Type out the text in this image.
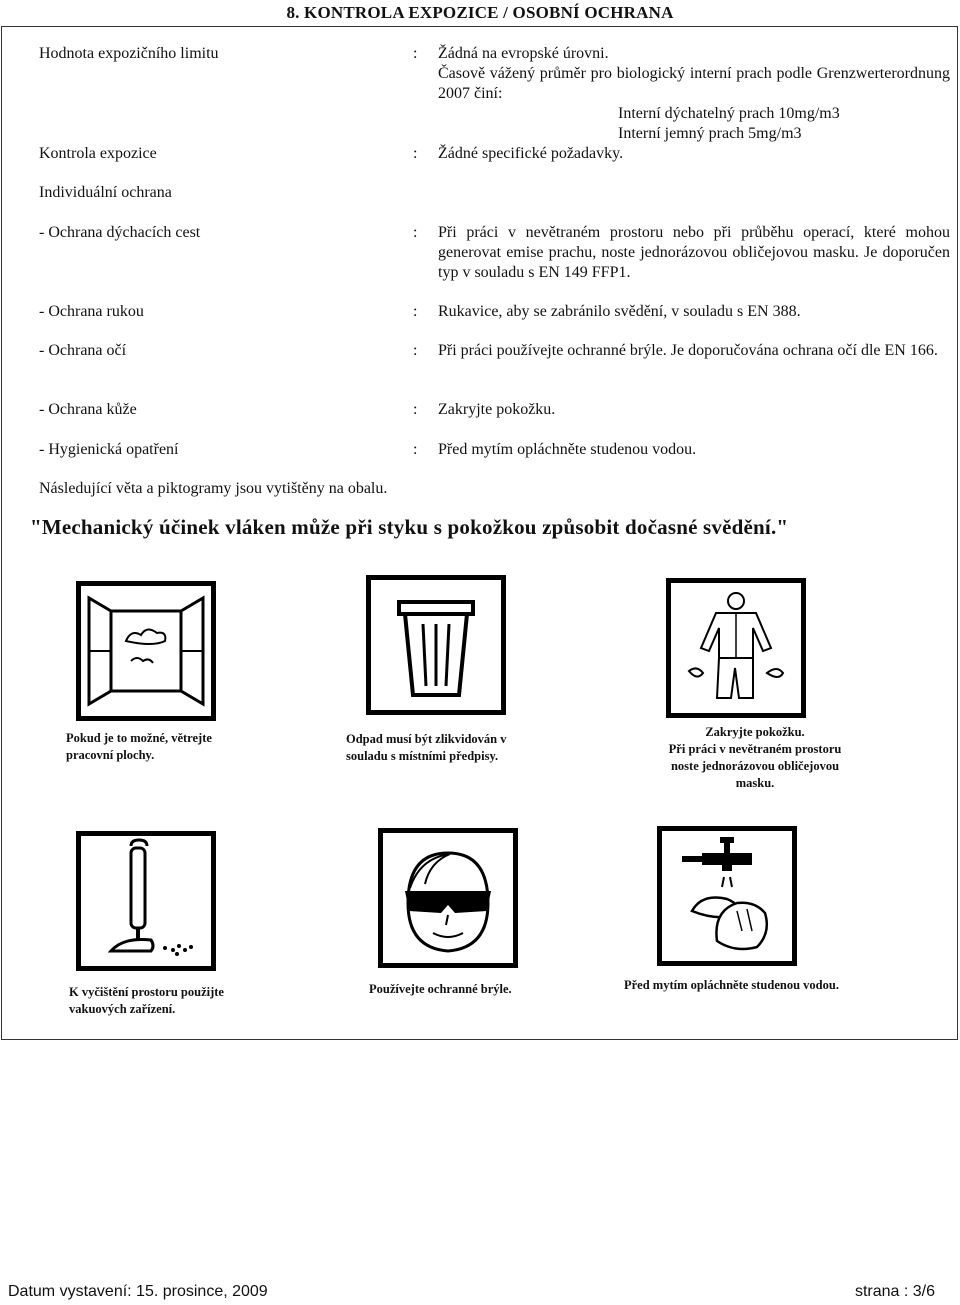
8. KONTROLA EXPOZICE / OSOBNÍ OCHRANA
Hodnota expozičního limitu	: Žádná na evropské úrovni.
Časově vážený průměr pro biologický interní prach podle Grenzwerterordnung 2007 činí:
Interní dýchatelný prach 10mg/m3
Interní jemný prach 5mg/m3
Kontrola expozice	: Žádné specifické požadavky.
Individuální ochrana
- Ochrana dýchacích cest	: Při práci v nevětraném prostoru nebo při průběhu operací, které mohou generovat emise prachu, noste jednorázovou obličejovou masku. Je doporučen typ v souladu s EN 149 FFP1.
- Ochrana rukou	: Rukavice, aby se zabránilo svědění, v souladu s EN 388.
- Ochrana očí	: Při práci používejte ochranné brýle. Je doporučována ochrana očí dle EN 166.
- Ochrana kůže	: Zakryjte pokožku.
- Hygienická opatření	: Před mytím opláchněte studenou vodou.
Následující věta a piktogramy jsou vytištěny na obalu.
"Mechanický účinek vláken může při styku s pokožkou způsobit dočasné svědění."
Pokud je to možné, větrejte
pracovní plochy.
Odpad musí být zlikvidován v
souladu s místními předpisy.
Zakryjte pokožku.
Při práci v nevětraném prostoru
noste jednorázovou obličejovou
masku.
K vyčištění prostoru použijte
vakuových zařízení.
Používejte ochranné brýle.	Před mytím opláchněte studenou vodou.
Datum vystavení: 15. prosince, 2009	strana : 3/6
